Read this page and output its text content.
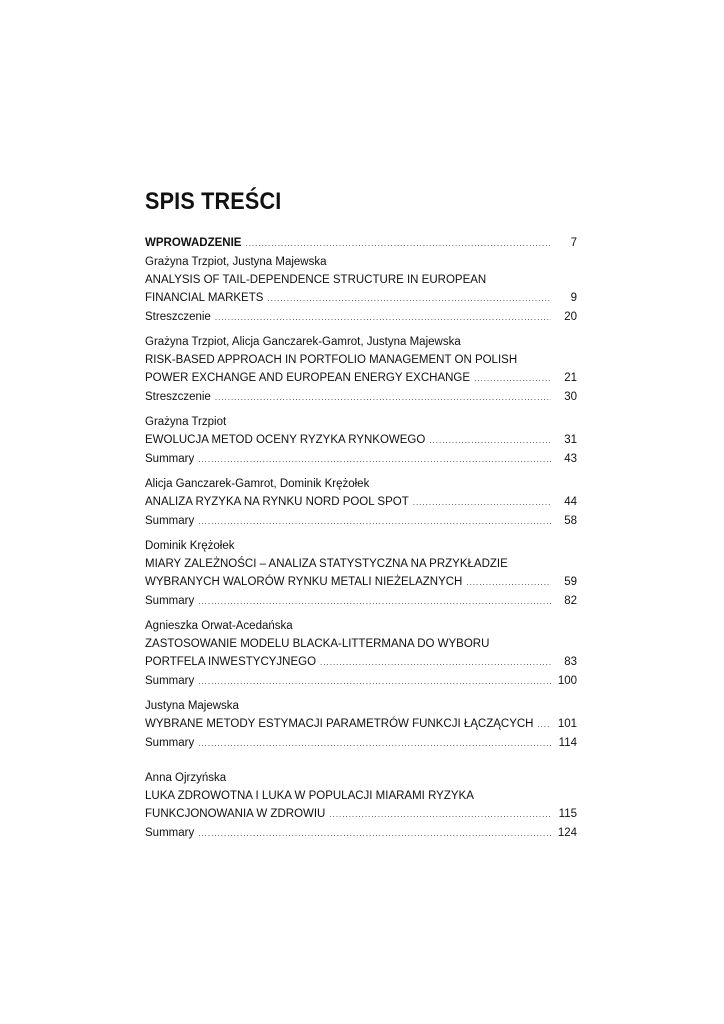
SPIS TREŚCI
WPROWADZENIE .....	7
Grażyna Trzpiot, Justyna Majewska
ANALYSIS OF TAIL-DEPENDENCE STRUCTURE IN EUROPEAN
FINANCIAL MARKETS .....	9
Streszczenie .....	20
Grażyna Trzpiot, Alicja Ganczarek-Gamrot, Justyna Majewska
RISK-BASED APPROACH IN PORTFOLIO MANAGEMENT ON POLISH
POWER EXCHANGE AND EUROPEAN ENERGY EXCHANGE .....	21
Streszczenie .....	30
Grażyna Trzpiot
EWOLUCJA METOD OCENY RYZYKA RYNKOWEGO .....	31
Summary .....	43
Alicja Ganczarek-Gamrot, Dominik Krężołek
ANALIZA RYZYKA NA RYNKU NORD POOL SPOT .....	44
Summary .....	58
Dominik Krężołek
MIARY ZALEŻNOŚCI – ANALIZA STATYSTYCZNA NA PRZYKŁADZIE
WYBRANYCH WALORÓW RYNKU METALI NIEŻELAZNYCH .....	59
Summary .....	82
Agnieszka Orwat-Acedańska
ZASTOSOWANIE MODELU BLACKA-LITTERMANA DO WYBORU
PORTFELA INWESTYCYJNEGO .....	83
Summary .....	100
Justyna Majewska
WYBRANE METODY ESTYMACJI PARAMETRÓW FUNKCJI ŁĄCZĄCYCH ..... 101
Summary .....	114
Anna Ojrzyńska
LUKA ZDROWOTNA I LUKA W POPULACJI MIARAMI RYZYKA
FUNKCJONOWANIA W ZDROWIU .....	115
Summary .....	124
